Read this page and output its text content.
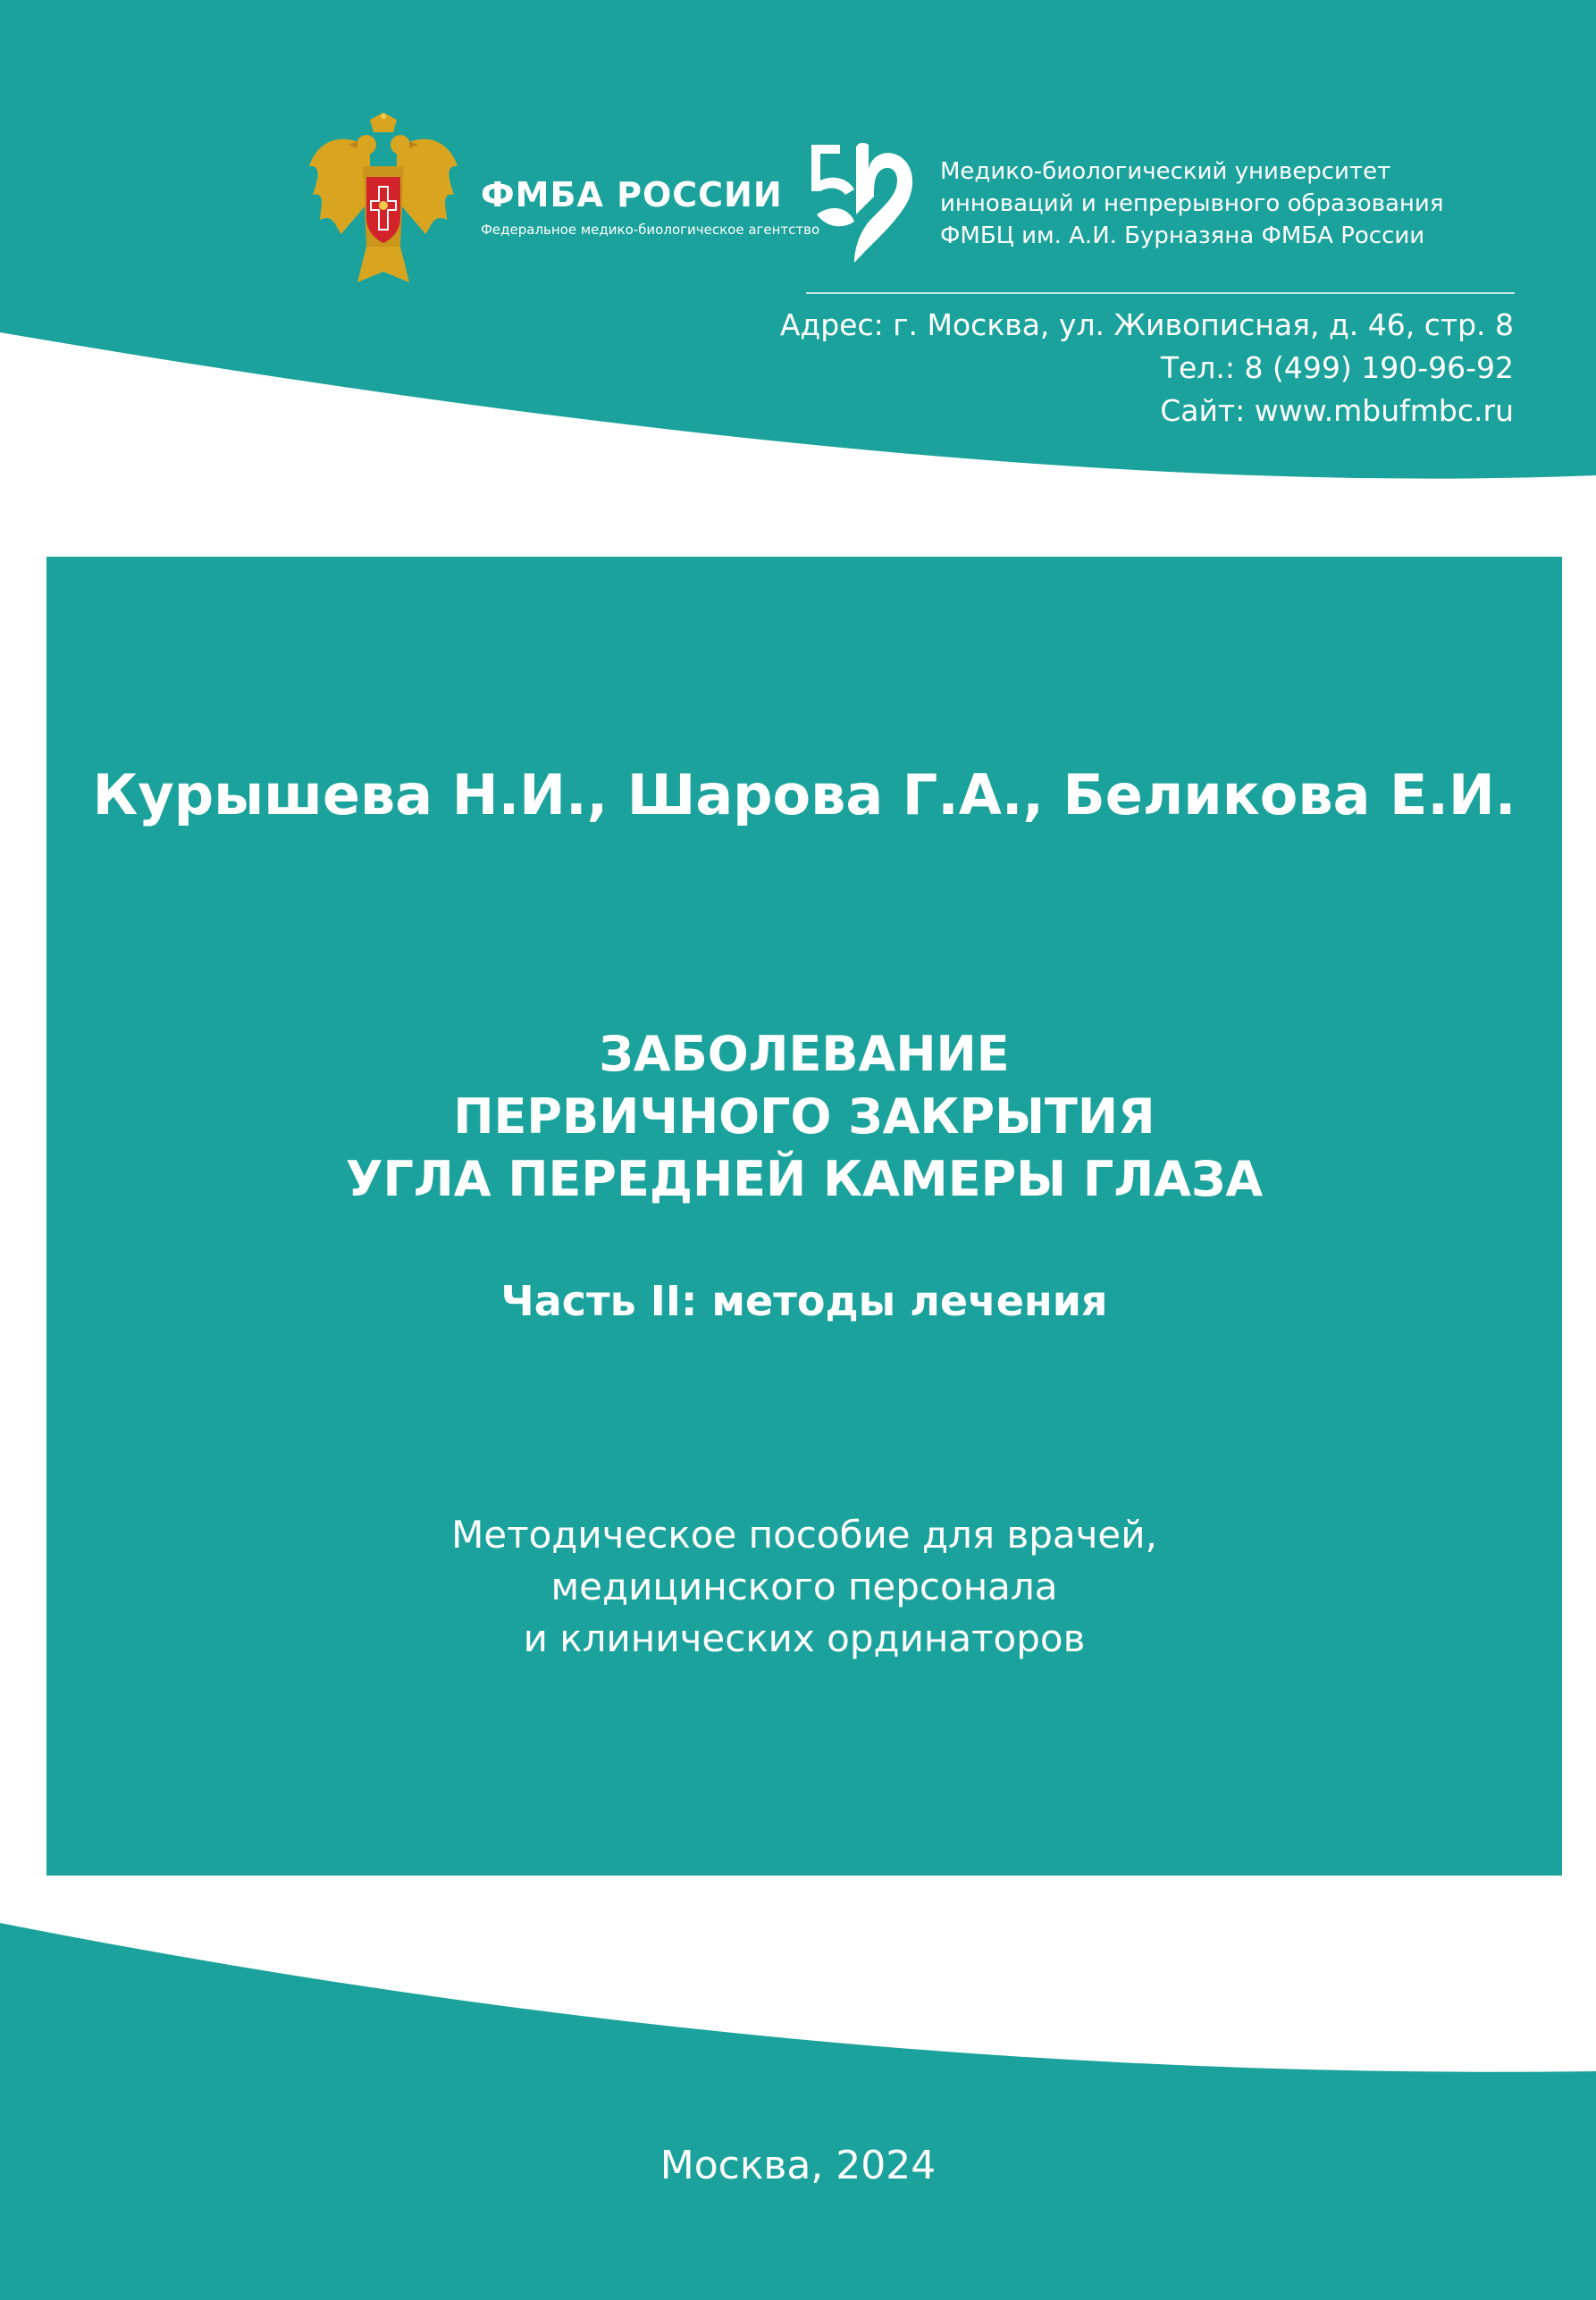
ФМБА РОССИИ
Федеральное медико-биологическое агентство
Медико-биологический университет
инноваций и непрерывного образования
ФМБЦ им. А.И. Бурназяна ФМБА России
Адрес: г. Москва, ул. Живописная, д. 46, стр. 8
Тел.: 8 (499) 190-96-92
Сайт: www.mbufmbc.ru
Курышева Н.И., Шарова Г.А., Беликова Е.И.
ЗАБОЛЕВАНИЕ
ПЕРВИЧНОГО ЗАКРЫТИЯ
УГЛА ПЕРЕДНЕЙ КАМЕРЫ ГЛАЗА
Часть II: методы лечения
Методическое пособие для врачей,
медицинского персонала
и клинических ординаторов
Москва, 2024
